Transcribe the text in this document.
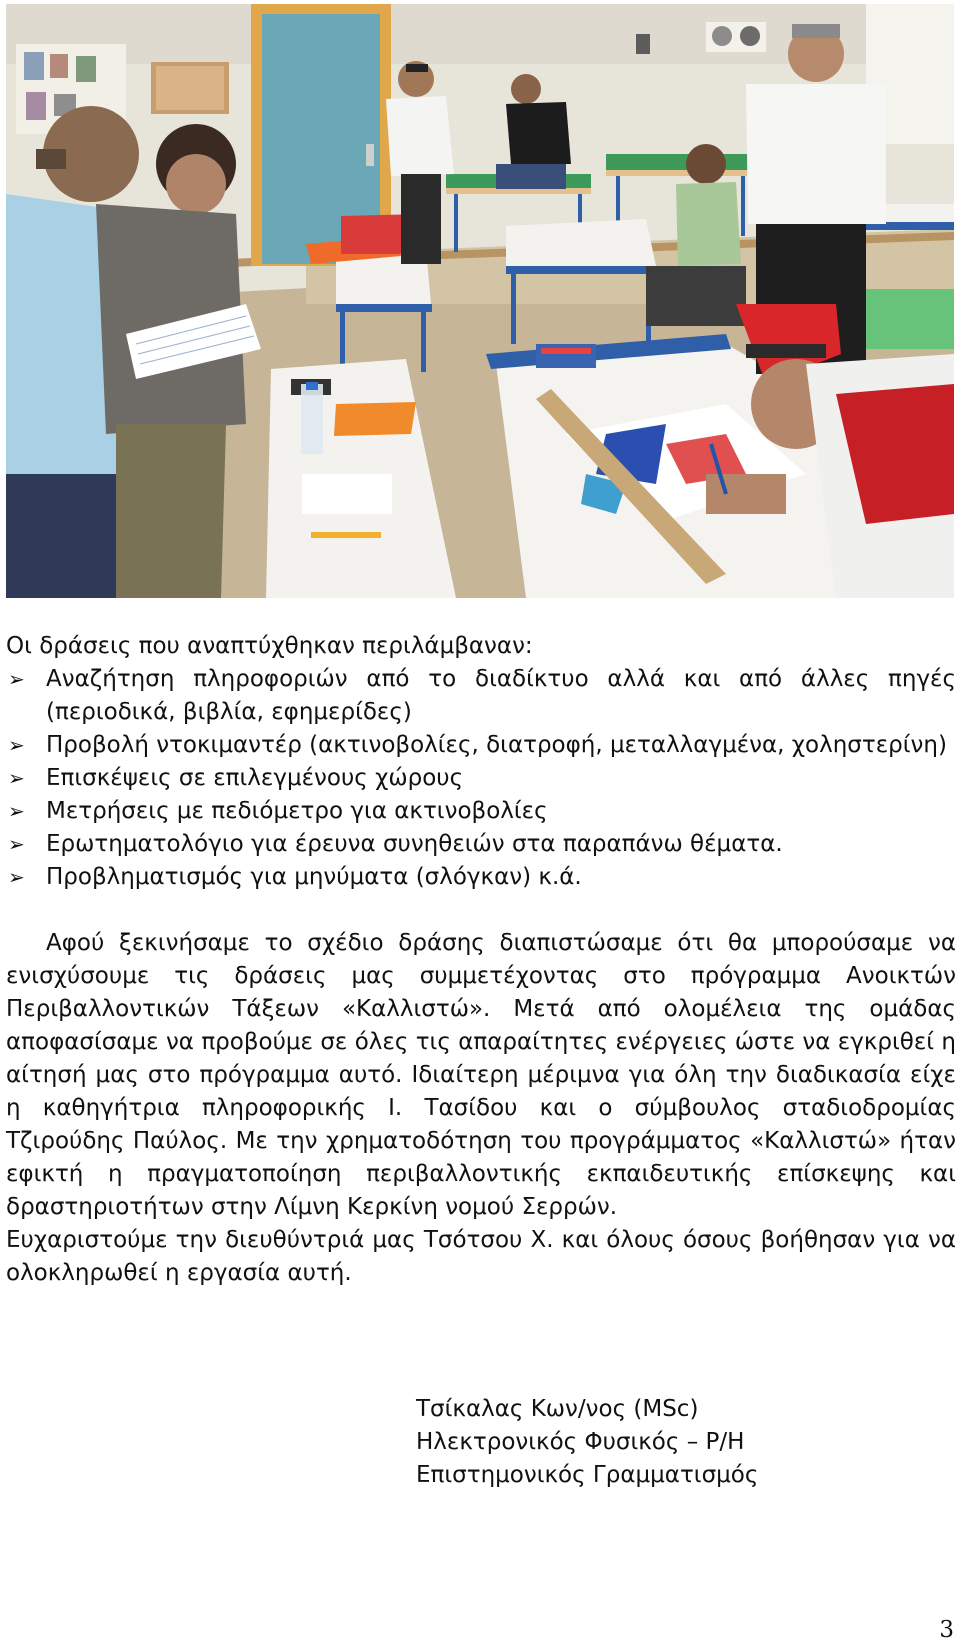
Οι δράσεις που αναπτύχθηκαν περιλάμβαναν:

➢ Αναζήτηση πληροφοριών από το διαδίκτυο αλλά και από άλλες πηγές (περιοδικά, βιβλία, εφημερίδες)
➢ Προβολή ντοκιμαντέρ (ακτινοβολίες, διατροφή, μεταλλαγμένα, χοληστερίνη)
➢ Επισκέψεις σε επιλεγμένους χώρους
➢ Μετρήσεις με πεδιόμετρο για ακτινοβολίες
➢ Ερωτηματολόγιο για έρευνα συνηθειών στα παραπάνω θέματα.
➢ Προβληματισμός για μηνύματα (σλόγκαν) κ.ά.

Αφού ξεκινήσαμε το σχέδιο δράσης διαπιστώσαμε ότι θα μπορούσαμε να ενισχύσουμε τις δράσεις μας συμμετέχοντας στο πρόγραμμα Ανοικτών Περιβαλλοντικών Τάξεων «Καλλιστώ». Μετά από ολομέλεια της ομάδας αποφασίσαμε να προβούμε σε όλες τις απαραίτητες ενέργειες ώστε να εγκριθεί η αίτησή μας στο πρόγραμμα αυτό. Ιδιαίτερη μέριμνα για όλη την διαδικασία είχε η καθηγήτρια πληροφορικής Ι. Τασίδου και ο σύμβουλος σταδιοδρομίας Τζιρούδης Παύλος. Με την χρηματοδότηση του προγράμματος «Καλλιστώ» ήταν εφικτή η πραγματοποίηση περιβαλλοντικής εκπαιδευτικής επίσκεψης και δραστηριοτήτων στην Λίμνη Κερκίνη νομού Σερρών.

Ευχαριστούμε την διευθύντριά μας Τσότσου Χ. και όλους όσους βοήθησαν για να ολοκληρωθεί η εργασία αυτή.

Τσίκαλας Κων/νος (MSc)
Ηλεκτρονικός Φυσικός – Ρ/Η
Επιστημονικός Γραμματισμός
3
